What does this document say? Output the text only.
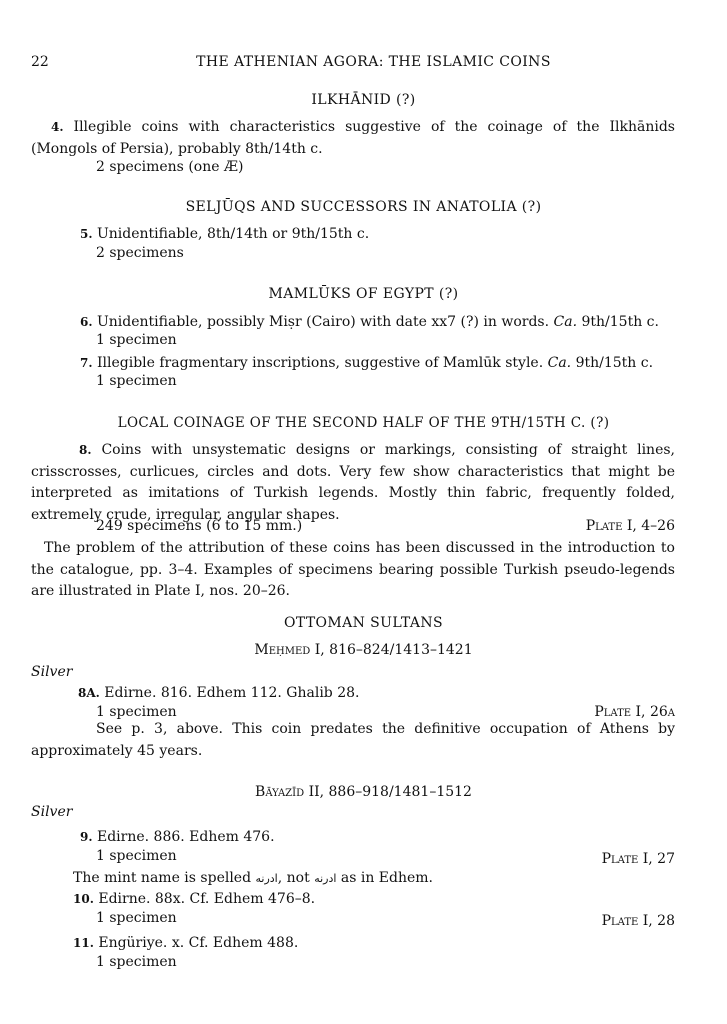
22	THE ATHENIAN AGORA: THE ISLAMIC COINS
ILKHĀNID (?)

4. Illegible coins with characteristics suggestive of the coinage of the Ilkhānids (Mongols of Persia), probably 8th/14th c.

2 specimens (one Æ)
SELJŪQS AND SUCCESSORS IN ANATOLIA (?)
5. Unidentifiable, 8th/14th or 9th/15th c.
2 specimens
MAMLŪKS OF EGYPT (?)
6. Unidentifiable, possibly Miṣr (Cairo) with date xx7 (?) in words. Ca. 9th/15th c.
1 specimen
7. Illegible fragmentary inscriptions, suggestive of Mamlūk style. Ca. 9th/15th c.
1 specimen
LOCAL COINAGE OF THE SECOND HALF OF THE 9TH/15TH C. (?)

8. Coins with unsystematic designs or markings, consisting of straight lines, crisscrosses, curlicues, circles and dots. Very few show characteristics that might be interpreted as imitations of Turkish legends. Mostly thin fabric, frequently folded, extremely crude, irregular, angular shapes.

249 specimens (6 to 15 mm.)	Plate I, 4–26

The problem of the attribution of these coins has been discussed in the introduction to the catalogue, pp. 3–4. Examples of specimens bearing possible Turkish pseudo-legends are illustrated in Plate I, nos. 20–26.

OTTOMAN SULTANS
Meḥmed I, 816–824/1413–1421
Silver
8A. Edirne. 816. Edhem 112. Ghalib 28.
1 specimen	Plate I, 26a

See p. 3, above. This coin predates the definitive occupation of Athens by approximately 45 years.

Bāyazīd II, 886–918/1481–1512
Silver
9. Edirne. 886. Edhem 476.
1 specimen	Plate I, 27
The mint name is spelled ادرنه, not ادرنه as in Edhem.
10. Edirne. 88x. Cf. Edhem 476–8.
1 specimen	Plate I, 28
11. Engüriye. x. Cf. Edhem 488.
1 specimen
